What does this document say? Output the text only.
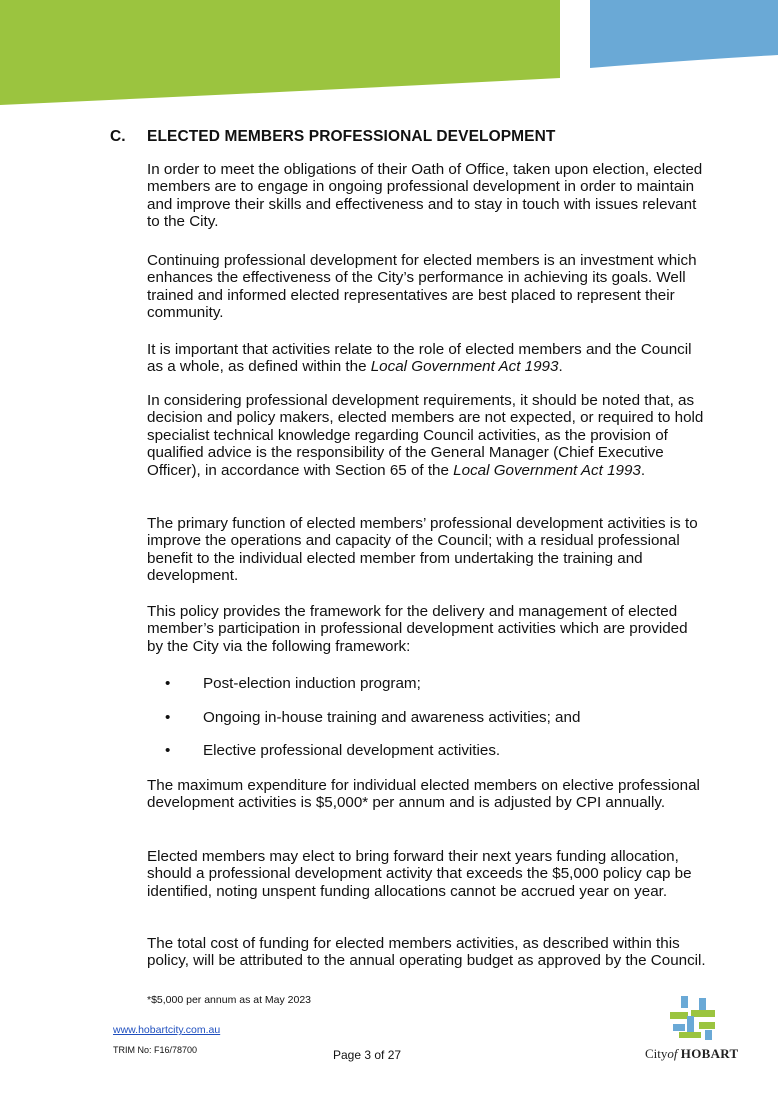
C. ELECTED MEMBERS PROFESSIONAL DEVELOPMENT

In order to meet the obligations of their Oath of Office, taken upon election, elected members are to engage in ongoing professional development in order to maintain and improve their skills and effectiveness and to stay in touch with issues relevant to the City.

Continuing professional development for elected members is an investment which enhances the effectiveness of the City’s performance in achieving its goals. Well trained and informed elected representatives are best placed to represent their community.

It is important that activities relate to the role of elected members and the Council as a whole, as defined within the Local Government Act 1993.

In considering professional development requirements, it should be noted that, as decision and policy makers, elected members are not expected, or required to hold specialist technical knowledge regarding Council activities, as the provision of qualified advice is the responsibility of the General Manager (Chief Executive Officer), in accordance with Section 65 of the Local Government Act 1993.

The primary function of elected members’ professional development activities is to improve the operations and capacity of the Council; with a residual professional benefit to the individual elected member from undertaking the training and development.

This policy provides the framework for the delivery and management of elected member’s participation in professional development activities which are provided by the City via the following framework:

• Post-election induction program;
• Ongoing in-house training and awareness activities; and
• Elective professional development activities.

The maximum expenditure for individual elected members on elective professional development activities is $5,000* per annum and is adjusted by CPI annually.

Elected members may elect to bring forward their next years funding allocation, should a professional development activity that exceeds the $5,000 policy cap be identified, noting unspent funding allocations cannot be accrued year on year.

The total cost of funding for elected members activities, as described within this policy, will be attributed to the annual operating budget as approved by the Council.

*$5,000 per annum as at May 2023
www.hobartcity.com.au
TRIM No: F16/78700	Page 3 of 27	Cityof HOBART
